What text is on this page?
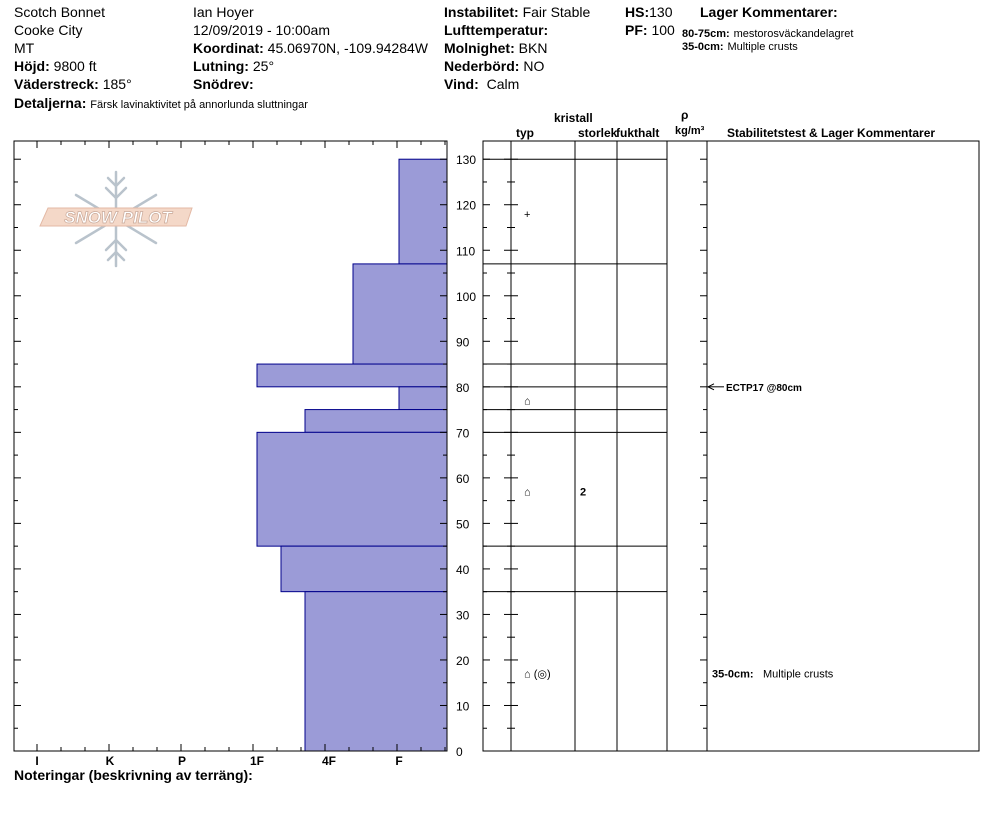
Scotch Bonnet
Cooke City
MT
Höjd: 9800 ft
Väderstreck: 185°
Detaljerna: Färsk lavinaktivitet på annorlunda sluttningar
Ian Hoyer
12/09/2019 - 10:00am
Koordinat: 45.06970N, -109.94284W
Lutning: 25°
Snödrev:
Instabilitet: Fair Stable
Lufttemperatur:
Molnighet: BKN
Nederbörd: NO
Vind: Calm
HS:130
PF: 100
Lager Kommentarer:
80-75cm: mestorosväckandelagret
35-0cm: Multiple crusts
kristall
typ	storlek
fukthalt
ρ
kg/m³ Stabilitetstest & Lager Kommentarer
SNOW PILOT
0
10
20
30
40
50
60
70
80
90
100
110
120
130
I	K	P	1F	4F	F
+
⌂
⌂	2
⌂ (◎)
ECTP17 @80cm
35-0cm: Multiple crusts
Noteringar (beskrivning av terräng):
